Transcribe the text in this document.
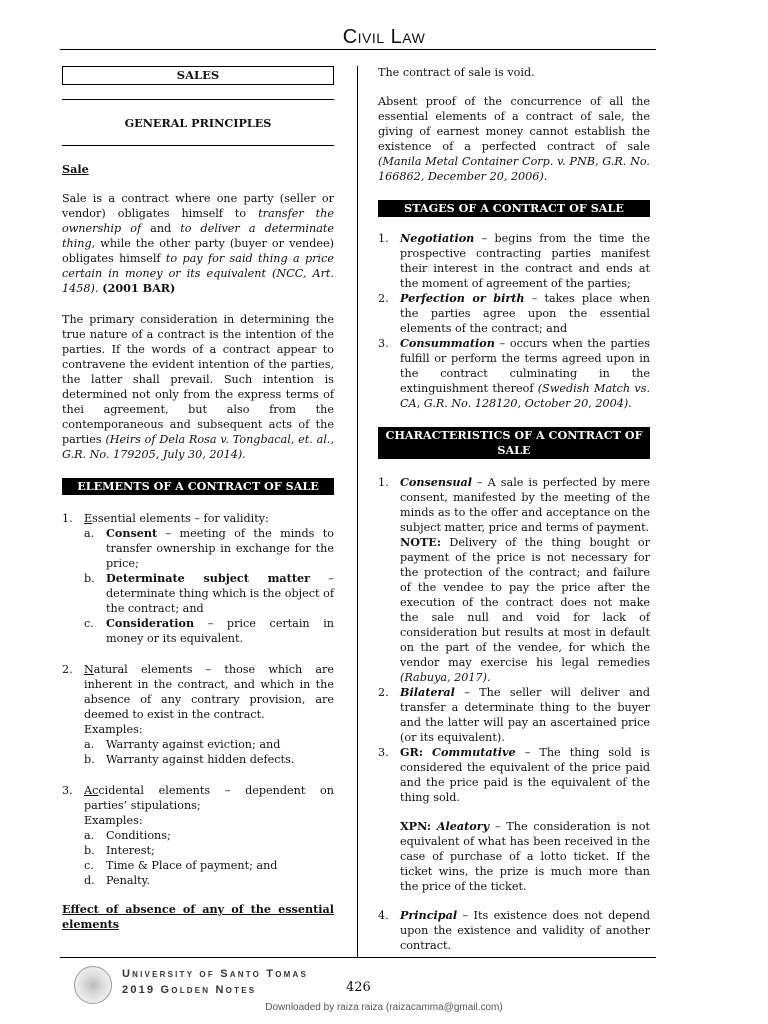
Civil Law
SALES

GENERAL PRINCIPLES

Sale

Sale is a contract where one party (seller or vendor) obligates himself to transfer the ownership of and to deliver a determinate thing, while the other party (buyer or vendee) obligates himself to pay for said thing a price certain in money or its equivalent (NCC, Art. 1458). (2001 BAR)

The primary consideration in determining the true nature of a contract is the intention of the parties. If the words of a contract appear to contravene the evident intention of the parties, the latter shall prevail. Such intention is determined not only from the express terms of thei agreement, but also from the contemporaneous and subsequent acts of the parties (Heirs of Dela Rosa v. Tongbacal, et. al., G.R. No. 179205, July 30, 2014).

ELEMENTS OF A CONTRACT OF SALE
1.	Essential elements – for validity:
a.	Consent – meeting of the minds to transfer ownership in exchange for the price;
b.	Determinate subject matter – determinate thing which is the object of the contract; and
c.	Consideration – price certain in money or its equivalent.
2.	Natural elements – those which are inherent in the contract, and which in the absence of any contrary provision, are deemed to exist in the contract.
Examples:
a.	Warranty against eviction; and
b.	Warranty against hidden defects.
3.	Accidental elements – dependent on parties’ stipulations;
Examples:
a.	Conditions;
b.	Interest;
c.	Time & Place of payment; and
d.	Penalty.

Effect of absence of any of the essential elements

The contract of sale is void.

Absent proof of the concurrence of all the essential elements of a contract of sale, the giving of earnest money cannot establish the existence of a perfected contract of sale (Manila Metal Container Corp. v. PNB, G.R. No. 166862, December 20, 2006).

STAGES OF A CONTRACT OF SALE
1.	Negotiation – begins from the time the prospective contracting parties manifest their interest in the contract and ends at the moment of agreement of the parties;
2.	Perfection or birth – takes place when the parties agree upon the essential elements of the contract; and
3.	Consummation – occurs when the parties fulfill or perform the terms agreed upon in the contract culminating in the extinguishment thereof (Swedish Match vs. CA, G.R. No. 128120, October 20, 2004).
CHARACTERISTICS OF A CONTRACT OF SALE
1.	Consensual – A sale is perfected by mere consent, manifested by the meeting of the minds as to the offer and acceptance on the subject matter, price and terms of payment.
NOTE: Delivery of the thing bought or payment of the price is not necessary for the protection of the contract; and failure of the vendee to pay the price after the execution of the contract does not make the sale null and void for lack of consideration but results at most in default on the part of the vendee, for which the vendor may exercise his legal remedies (Rabuya, 2017).
2.	Bilateral – The seller will deliver and transfer a determinate thing to the buyer and the latter will pay an ascertained price (or its equivalent).
3.	GR: Commutative – The thing sold is considered the equivalent of the price paid and the price paid is the equivalent of the thing sold.
XPN: Aleatory – The consideration is not equivalent of what has been received in the case of purchase of a lotto ticket. If the ticket wins, the prize is much more than the price of the ticket.
4.	Principal – Its existence does not depend upon the existence and validity of another contract.
University of Santo Tomas
2019 Golden Notes	426
Downloaded by raiza raiza (raizacamma@gmail.com)
